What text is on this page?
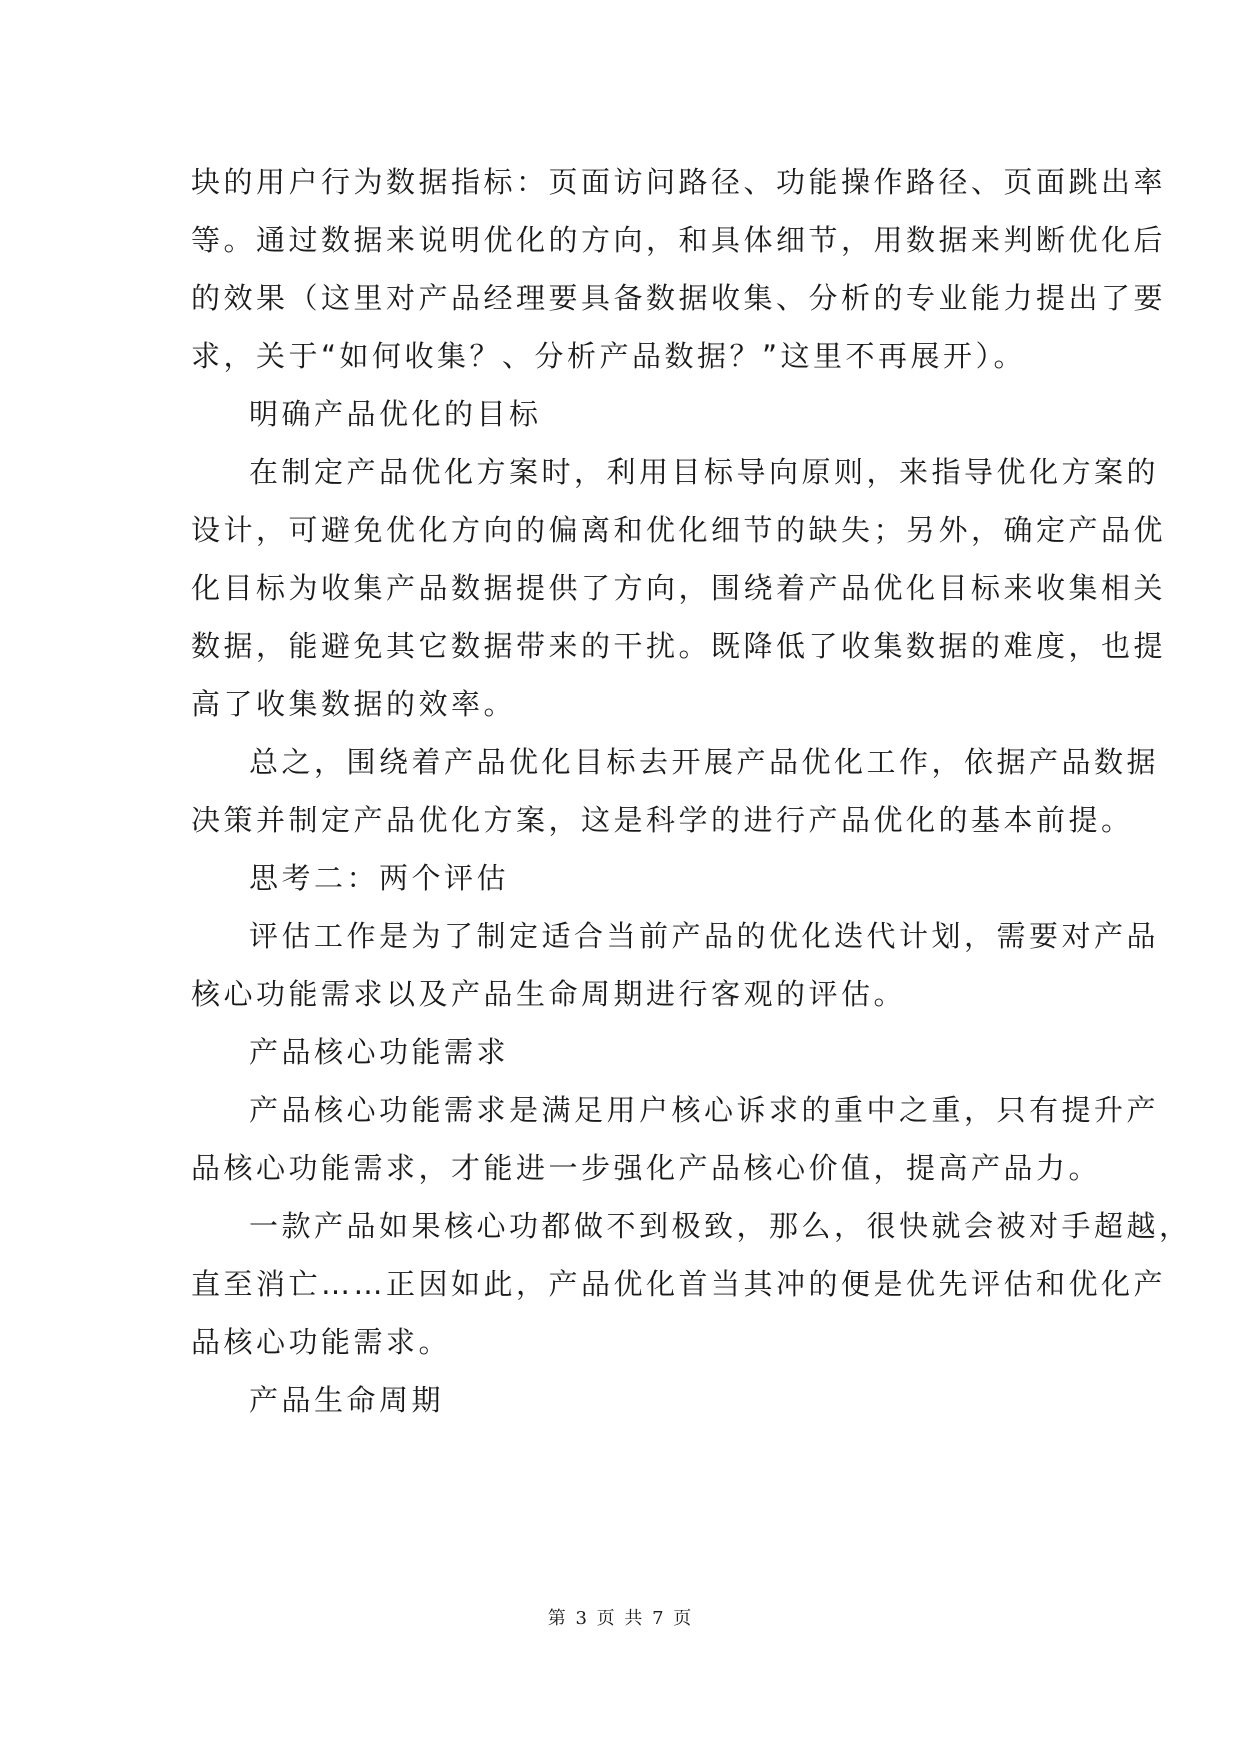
块的用户行为数据指标：页面访问路径、功能操作路径、页面跳出率
等。通过数据来说明优化的方向，和具体细节，用数据来判断优化后
的效果（这里对产品经理要具备数据收集、分析的专业能力提出了要
求，关于“如何收集？、分析产品数据？”这里不再展开）。
明确产品优化的目标
在制定产品优化方案时，利用目标导向原则，来指导优化方案的
设计，可避免优化方向的偏离和优化细节的缺失；另外，确定产品优
化目标为收集产品数据提供了方向，围绕着产品优化目标来收集相关
数据，能避免其它数据带来的干扰。既降低了收集数据的难度，也提
高了收集数据的效率。
总之，围绕着产品优化目标去开展产品优化工作，依据产品数据
决策并制定产品优化方案，这是科学的进行产品优化的基本前提。
思考二：两个评估
评估工作是为了制定适合当前产品的优化迭代计划，需要对产品
核心功能需求以及产品生命周期进行客观的评估。
产品核心功能需求
产品核心功能需求是满足用户核心诉求的重中之重，只有提升产
品核心功能需求，才能进一步强化产品核心价值，提高产品力。
一款产品如果核心功都做不到极致，那么，很快就会被对手超越，
直至消亡……正因如此，产品优化首当其冲的便是优先评估和优化产
品核心功能需求。
产品生命周期
第 3 页 共 7 页
